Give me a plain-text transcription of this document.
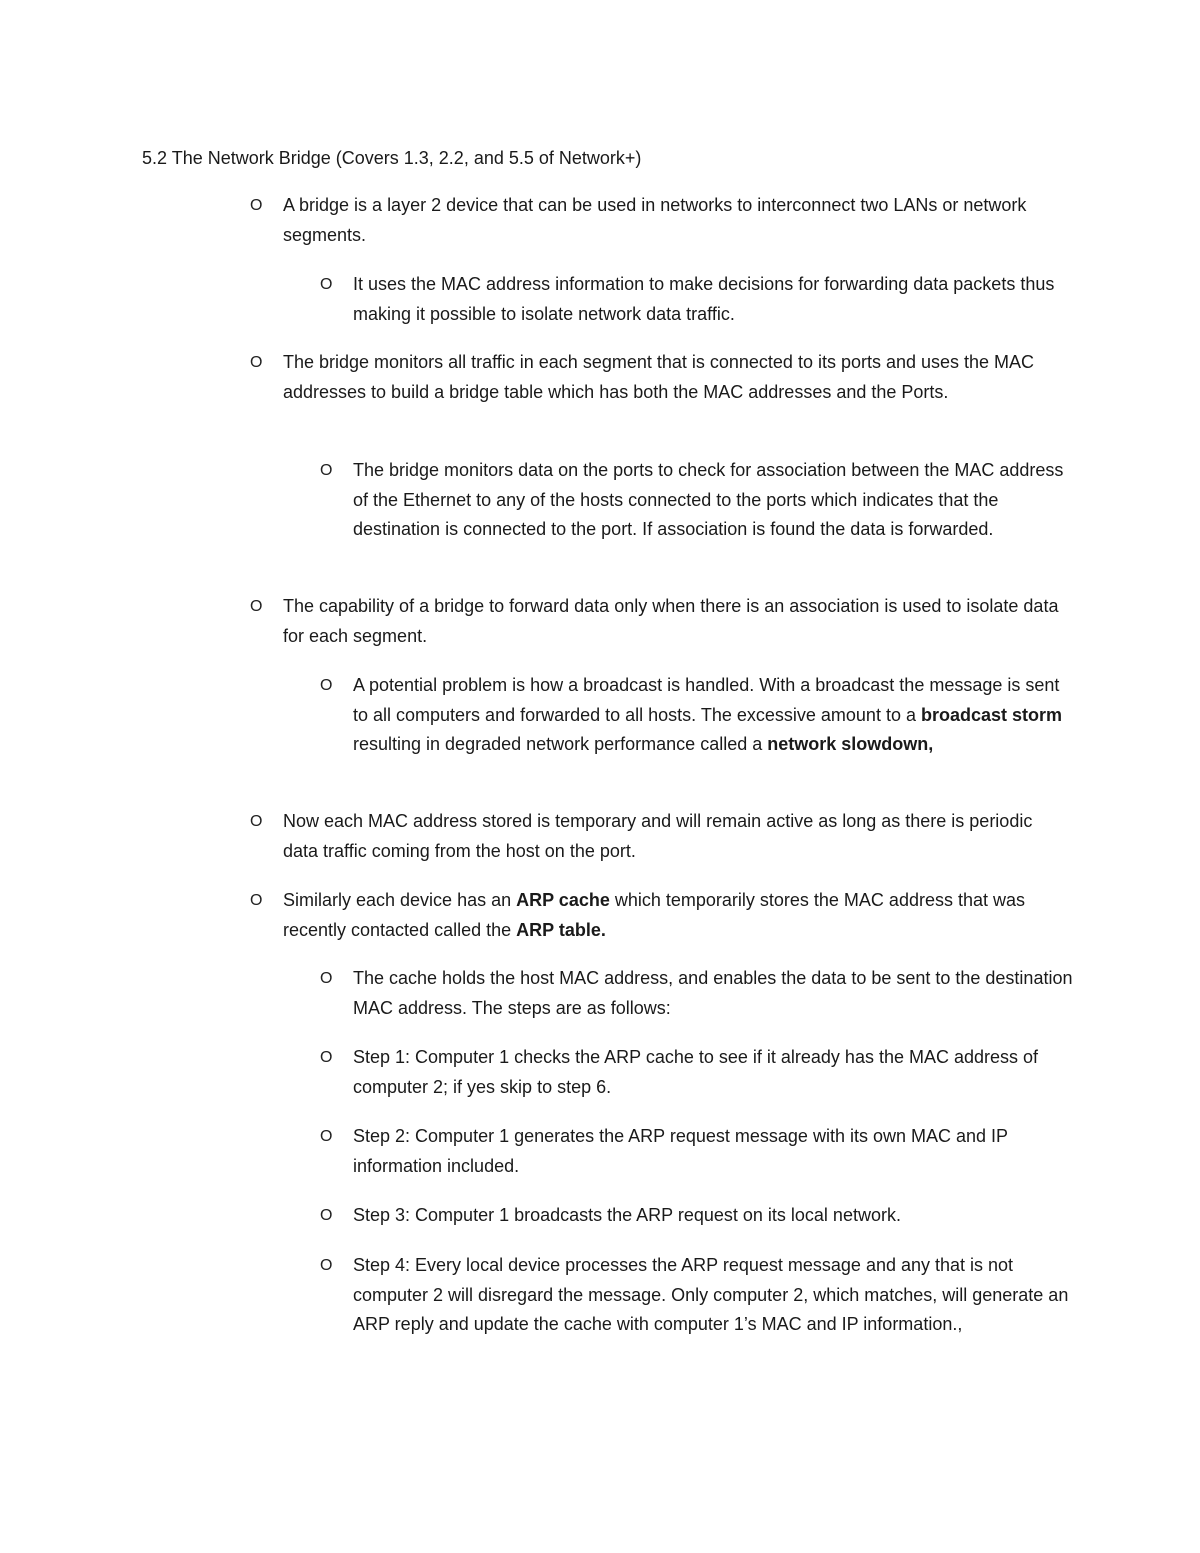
5.2 The Network Bridge (Covers 1.3, 2.2, and 5.5 of Network+)
O A bridge is a layer 2 device that can be used in networks to interconnect two LANs or network segments.
O It uses the MAC address information to make decisions for forwarding data packets thus making it possible to isolate network data traffic.
O The bridge monitors all traffic in each segment that is connected to its ports and uses the MAC addresses to build a bridge table which has both the MAC addresses and the Ports.
O The bridge monitors data on the ports to check for association between the MAC address of the Ethernet to any of the hosts connected to the ports which indicates that the destination is connected to the port. If association is found the data is forwarded.
O The capability of a bridge to forward data only when there is an association is used to isolate data for each segment.
O A potential problem is how a broadcast is handled. With a broadcast the message is sent to all computers and forwarded to all hosts. The excessive amount to a broadcast storm resulting in degraded network performance called a network slowdown,
O Now each MAC address stored is temporary and will remain active as long as there is periodic data traffic coming from the host on the port.
O Similarly each device has an ARP cache which temporarily stores the MAC address that was recently contacted called the ARP table.
O The cache holds the host MAC address, and enables the data to be sent to the destination MAC address. The steps are as follows:
O Step 1: Computer 1 checks the ARP cache to see if it already has the MAC address of computer 2; if yes skip to step 6.
O Step 2: Computer 1 generates the ARP request message with its own MAC and IP information included.
O Step 3: Computer 1 broadcasts the ARP request on its local network.
O Step 4: Every local device processes the ARP request message and any that is not computer 2 will disregard the message. Only computer 2, which matches, will generate an ARP reply and update the cache with computer 1’s MAC and IP information.,
